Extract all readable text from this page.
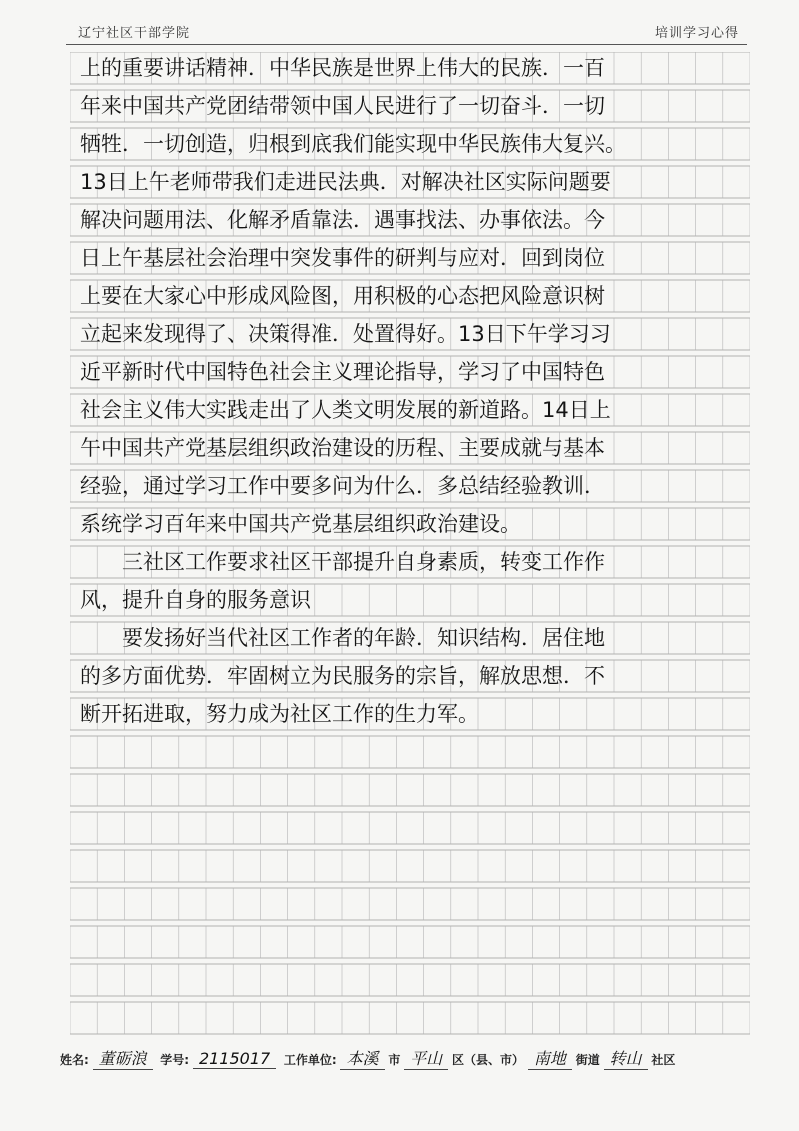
辽宁社区干部学院	培训学习心得
上的重要讲话精神．中华民族是世界上伟大的民族．一百
年来中国共产党团结带领中国人民进行了一切奋斗．一切
牺牲．一切创造，归根到底我们能实现中华民族伟大复兴。
13日上午老师带我们走进民法典．对解决社区实际问题要
解决问题用法、化解矛盾靠法．遇事找法、办事依法。今
日上午基层社会治理中突发事件的研判与应对．回到岗位
上要在大家心中形成风险图，用积极的心态把风险意识树
立起来发现得了、决策得准．处置得好。13日下午学习习
近平新时代中国特色社会主义理论指导，学习了中国特色
社会主义伟大实践走出了人类文明发展的新道路。14日上
午中国共产党基层组织政治建设的历程、主要成就与基本
经验，通过学习工作中要多问为什么．多总结经验教训．
系统学习百年来中国共产党基层组织政治建设。
　　三社区工作要求社区干部提升自身素质，转变工作作
风，提升自身的服务意识
　　要发扬好当代社区工作者的年龄．知识结构．居住地
的多方面优势．牢固树立为民服务的宗旨，解放思想．不
断开拓进取，努力成为社区工作的生力军。
姓名: 董砺浪 学号: 2115017 工作单位: 本溪 市 平山 区（县、市） 南地 街道 转山 社区
